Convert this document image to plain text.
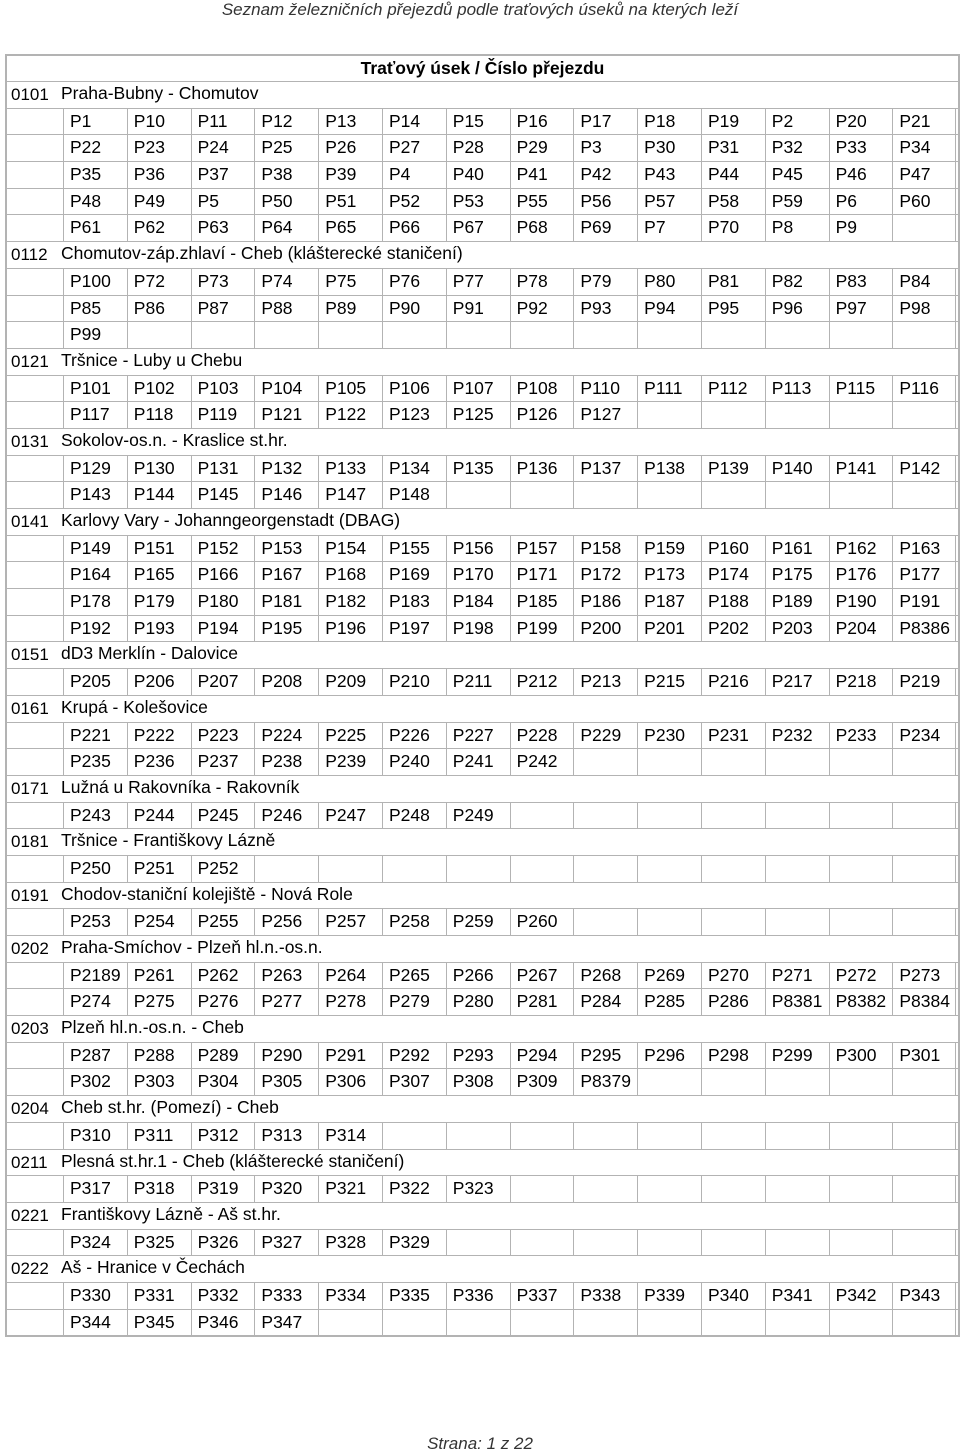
Seznam železničních přejezdů podle traťových úseků na kterých leží
Traťový úsek / Číslo přejezdu
0101 Praha-Bubny - Chomutov
P1	P10	P11	P12	P13	P14	P15	P16	P17	P18	P19	P2	P20	P21
P22	P23	P24	P25	P26	P27	P28	P29	P3	P30	P31	P32	P33	P34
P35	P36	P37	P38	P39	P4	P40	P41	P42	P43	P44	P45	P46	P47
P48	P49	P5	P50	P51	P52	P53	P55	P56	P57	P58	P59	P6	P60
P61	P62	P63	P64	P65	P66	P67	P68	P69	P7	P70	P8	P9
0112 Chomutov-záp.zhlaví - Cheb (klášterecké staničení)
P100	P72	P73	P74	P75	P76	P77	P78	P79	P80	P81	P82	P83	P84
P85	P86	P87	P88	P89	P90	P91	P92	P93	P94	P95	P96	P97	P98
P99
0121 Tršnice - Luby u Chebu
P101	P102	P103	P104	P105	P106	P107	P108	P110	P111	P112	P113	P115	P116
P117	P118	P119	P121	P122	P123	P125	P126	P127
0131 Sokolov-os.n. - Kraslice st.hr.
P129	P130	P131	P132	P133	P134	P135	P136	P137	P138	P139	P140	P141	P142
P143	P144	P145	P146	P147	P148
0141 Karlovy Vary - Johanngeorgenstadt (DBAG)
P149	P151	P152	P153	P154	P155	P156	P157	P158	P159	P160	P161	P162	P163
P164	P165	P166	P167	P168	P169	P170	P171	P172	P173	P174	P175	P176	P177
P178	P179	P180	P181	P182	P183	P184	P185	P186	P187	P188	P189	P190	P191
P192	P193	P194	P195	P196	P197	P198	P199	P200	P201	P202	P203	P204	P8386
0151 dD3 Merklín - Dalovice
P205	P206	P207	P208	P209	P210	P211	P212	P213	P215	P216	P217	P218	P219
0161 Krupá - Kolešovice
P221	P222	P223	P224	P225	P226	P227	P228	P229	P230	P231	P232	P233	P234
P235	P236	P237	P238	P239	P240	P241	P242
0171 Lužná u Rakovníka - Rakovník
P243	P244	P245	P246	P247	P248	P249
0181 Tršnice - Františkovy Lázně
P250	P251	P252
0191 Chodov-staniční kolejiště - Nová Role
P253	P254	P255	P256	P257	P258	P259	P260
0202 Praha-Smíchov - Plzeň hl.n.-os.n.
P2189 P261	P262	P263	P264	P265	P266	P267	P268	P269	P270	P271	P272	P273
P274	P275	P276	P277	P278	P279	P280	P281	P284	P285	P286	P8381 P8382 P8384
0203 Plzeň hl.n.-os.n. - Cheb
P287	P288	P289	P290	P291	P292	P293	P294	P295	P296	P298	P299	P300	P301
P302	P303	P304	P305	P306	P307	P308	P309	P8379
0204 Cheb st.hr. (Pomezí) - Cheb
P310	P311	P312	P313	P314
0211 Plesná st.hr.1 - Cheb (klášterecké staničení)
P317	P318	P319	P320	P321	P322	P323
0221 Františkovy Lázně - Aš st.hr.
P324	P325	P326	P327	P328	P329
0222 Aš - Hranice v Čechách
P330	P331	P332	P333	P334	P335	P336	P337	P338	P339	P340	P341	P342	P343
P344	P345	P346	P347
Strana: 1 z 22
